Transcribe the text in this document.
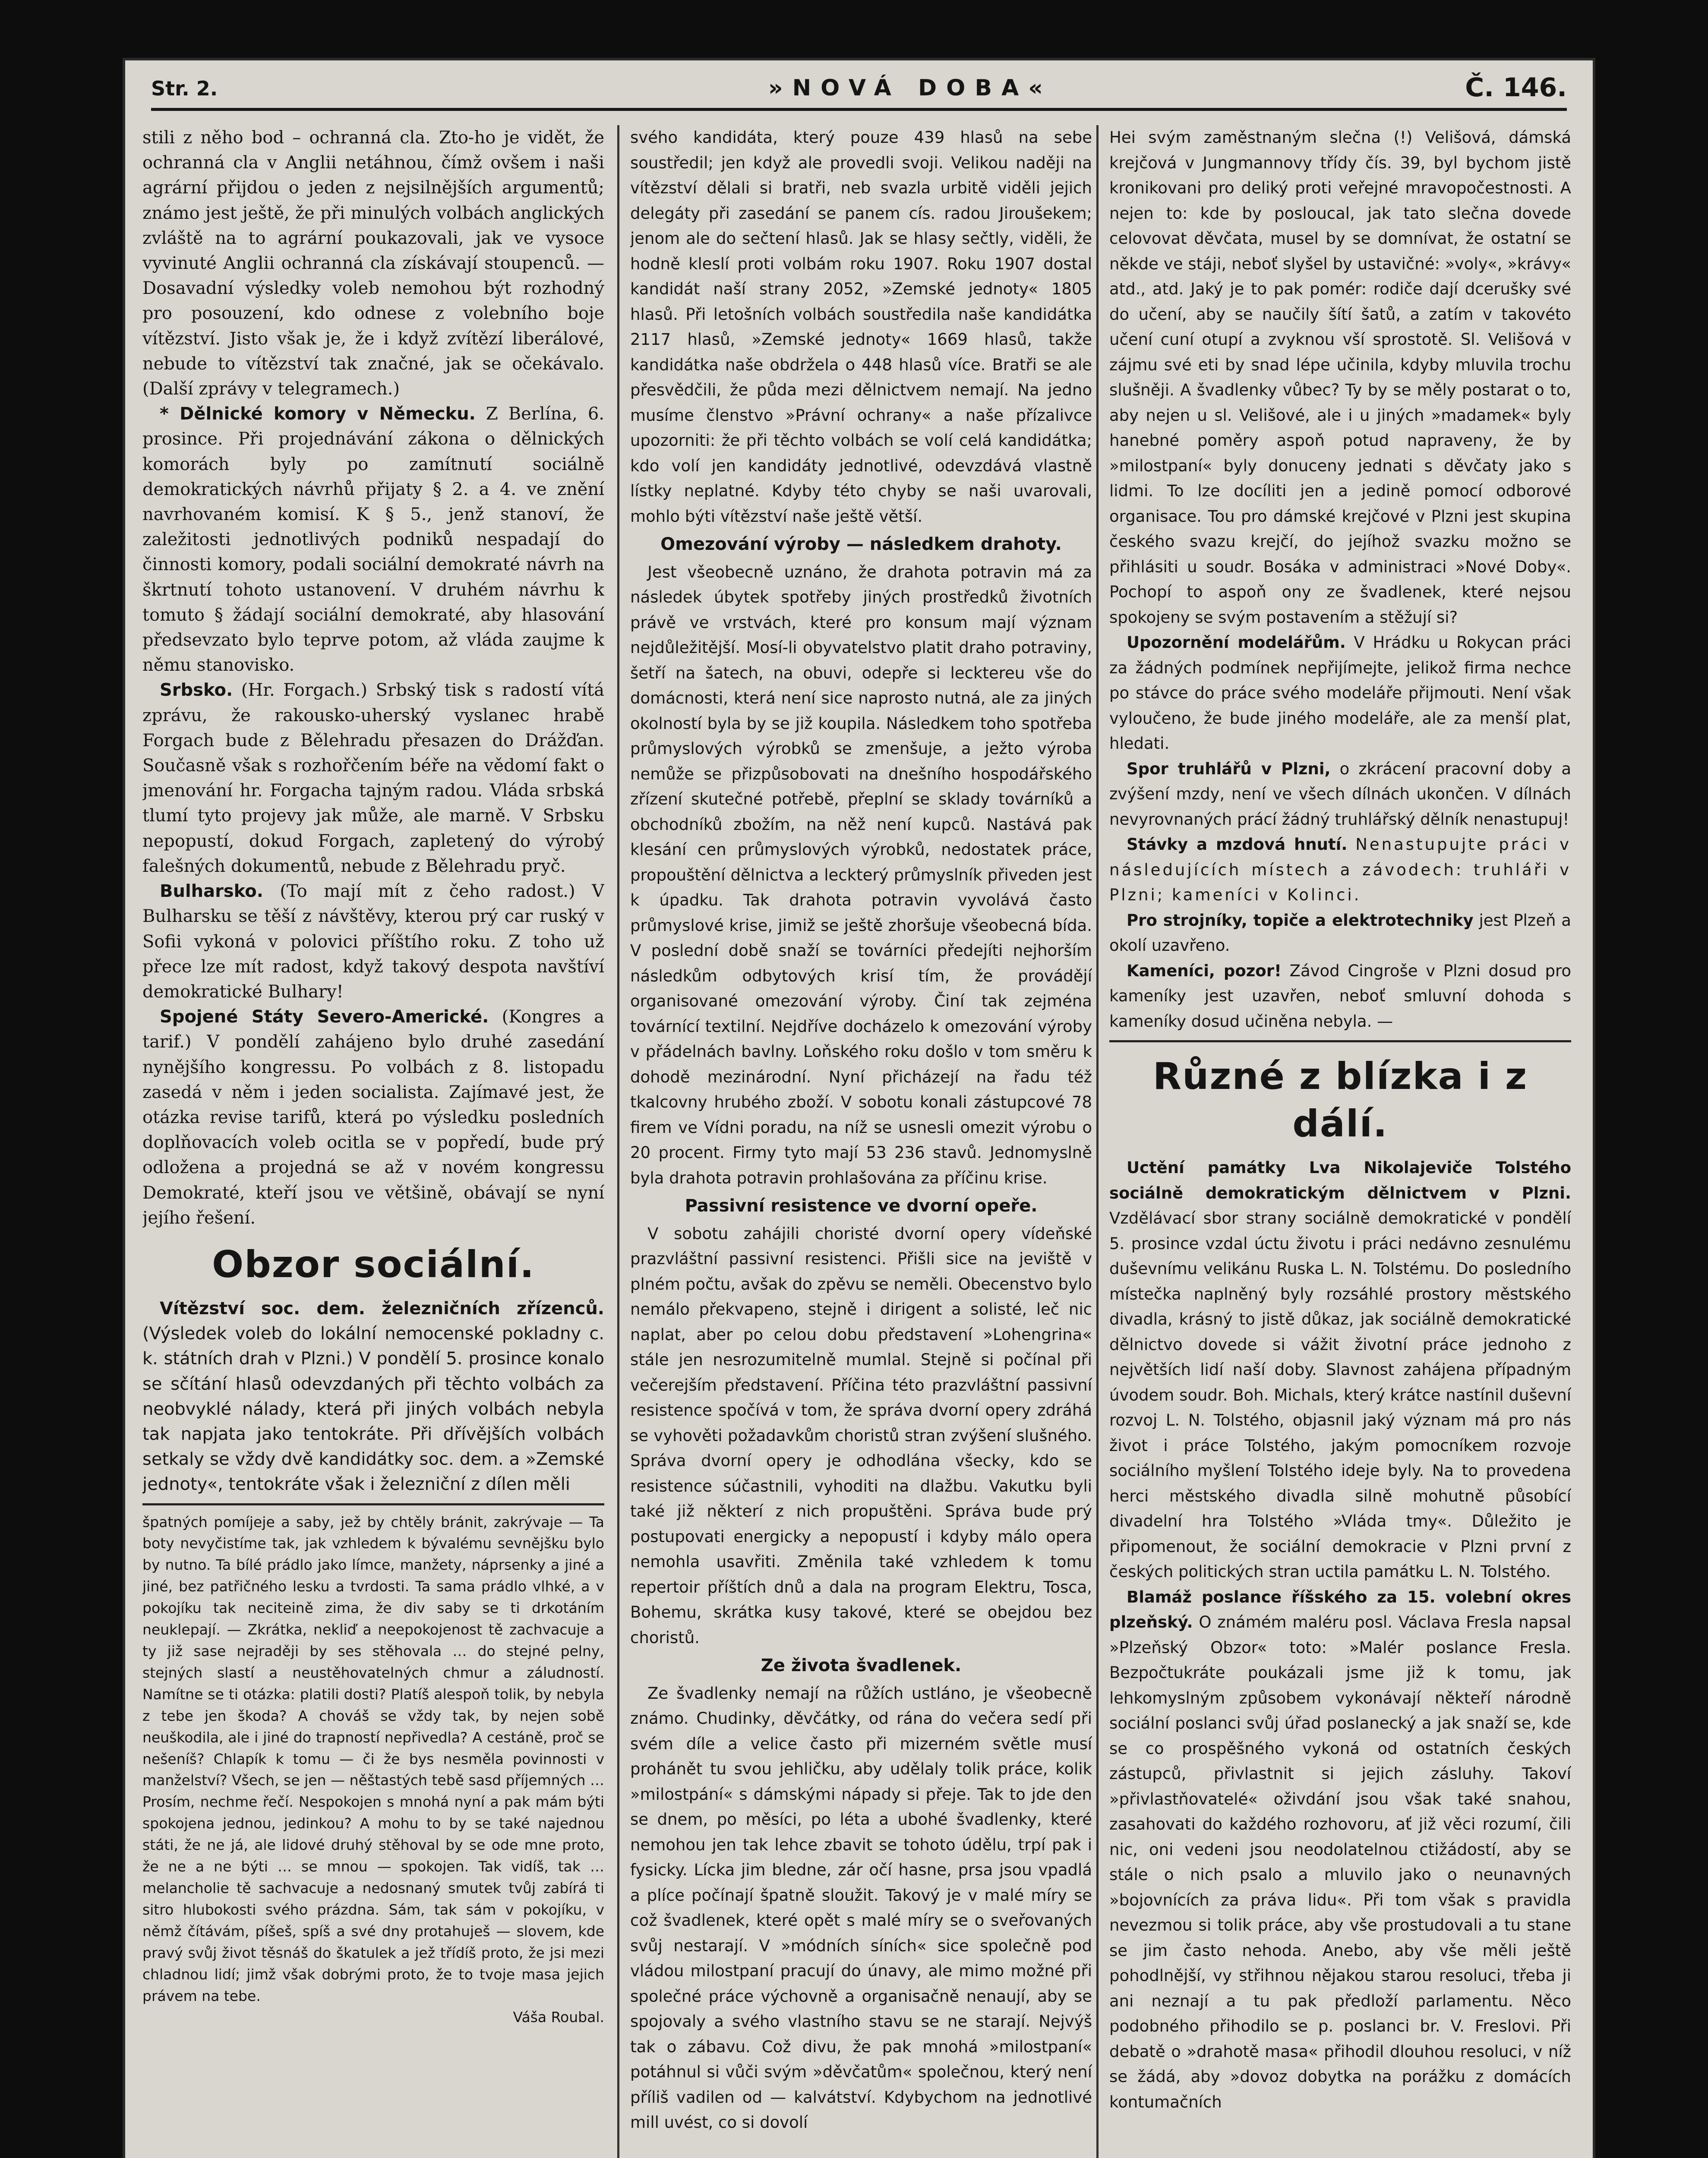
Str. 2.	»NOVÁ DOBA«	Č. 146.

stili z něho bod – ochranná cla. Zto-ho je vidět, že ochranná cla v Anglii netáhnou, čímž ovšem i naši agrární přijdou o jeden z nejsilnějších argumentů; známo jest ještě, že při minulých volbách anglických zvláště na to agrární poukazovali, jak ve vysoce vyvinuté Anglii ochranná cla získávají stoupenců. — Dosavadní výsledky voleb nemohou být rozhodný pro posouzení, kdo odnese z volebního boje vítězství. Jisto však je, že i když zvítězí liberálové, nebude to vítězství tak značné, jak se očekávalo. (Další zprávy v telegramech.)

* Dělnické komory v Německu. Z Berlína, 6. prosince. Při projednávání zákona o dělnických komorách byly po zamítnutí sociálně demokratických návrhů přijaty § 2. a 4. ve znění navrhovaném komisí. K § 5., jenž stanoví, že zaležitosti jednotlivých podniků nespadají do činnosti komory, podali sociální demokraté návrh na škrtnutí tohoto ustanovení. V druhém návrhu k tomuto § žádají sociální demokraté, aby hlasování předsevzato bylo teprve potom, až vláda zaujme k němu stanovisko.

Srbsko. (Hr. Forgach.) Srbský tisk s radostí vítá zprávu, že rakousko-uherský vyslanec hrabě Forgach bude z Bělehradu přesazen do Drážďan. Současně však s rozhořčením béře na vědomí fakt o jmenování hr. Forgacha tajným radou. Vláda srbská tlumí tyto projevy jak může, ale marně. V Srbsku nepopustí, dokud Forgach, zapletený do výrobý falešných dokumentů, nebude z Bělehradu pryč.

Bulharsko. (To mají mít z čeho radost.) V Bulharsku se těší z návštěvy, kterou prý car ruský v Sofii vykoná v polovici příštího roku. Z toho už přece lze mít radost, když takový despota navštíví demokratické Bulhary!

Spojené Státy Severo-Americké. (Kongres a tarif.) V pondělí zahájeno bylo druhé zasedání nynějšího kongressu. Po volbách z 8. listopadu zasedá v něm i jeden socialista. Zajímavé jest, že otázka revise tarifů, která po výsledku posledních doplňovacích voleb ocitla se v popředí, bude prý odložena a projedná se až v novém kongressu Demokraté, kteří jsou ve většině, obávají se nyní jejího řešení.

Obzor sociální.

Vítězství soc. dem. železničních zřízenců. (Výsledek voleb do lokální nemocenské pokladny c. k. státních drah v Plzni.) V pondělí 5. prosince konalo se sčítání hlasů odevzdaných při těchto volbách za neobvyklé nálady, která při jiných volbách nebyla tak napjata jako tentokráte. Při dřívějších volbách setkaly se vždy dvě kandidátky soc. dem. a »Zemské jednoty«, tentokráte však i železniční z dílen měli

špatných pomíjeje a saby, jež by chtěly bránit, zakrývaje — Ta boty nevyčistíme tak, jak vzhledem k bývalému sevnějšku bylo by nutno. Ta bílé prádlo jako límce, manžety, náprsenky a jiné a jiné, bez patřičného lesku a tvrdosti. Ta sama prádlo vlhké, a v pokojíku tak neciteině zima, že div saby se ti drkotáním neuklepají. — Zkrátka, nekliď a neepokojenost tě zachvacuje a ty již sase nejraději by ses stěhovala … do stejné pelny, stejných slastí a neustěhovatelných chmur a záludností. Namítne se ti otázka: platili dosti? Platíš alespoň tolik, by nebyla z tebe jen škoda? A chováš se vždy tak, by nejen sobě neuškodila, ale i jiné do trapností nepřivedla? A cestáně, proč se nešeníš? Chlapík k tomu — či že bys nesměla povinnosti v manželství? Všech, se jen — něštastých tebě sasd příjemných … Prosím, nechme řečí. Nespokojen s mnohá nyní a pak mám býti spokojena jednou, jedinkou? A mohu to by se také najednou státi, že ne já, ale lidové druhý stěhoval by se ode mne proto, že ne a ne býti … se mnou — spokojen. Tak vidíš, tak … melancholie tě sachvacuje a nedosnaný smutek tvůj zabírá ti sitro hlubokosti svého prázdna. Sám, tak sám v pokojíku, v němž čítávám, píšeš, spíš a své dny protahuješ — slovem, kde pravý svůj život těsnáš do škatulek a jež třídíš proto, že jsi mezi chladnou lidí; jimž však dobrými proto, že to tvoje masa jejich právem na tebe.

Váša Roubal.

svého kandidáta, který pouze 439 hlasů na sebe soustředil; jen když ale provedli svoji. Velikou naději na vítězství dělali si bratři, neb svazla urbitě viděli jejich delegáty při zasedání se panem cís. radou Jiroušekem; jenom ale do sečtení hlasů. Jak se hlasy sečtly, viděli, že hodně kleslí proti volbám roku 1907. Roku 1907 dostal kandidát naší strany 2052, »Zemské jednoty« 1805 hlasů. Při letošních volbách soustředila naše kandidátka 2117 hlasů, »Zemské jednoty« 1669 hlasů, takže kandidátka naše obdržela o 448 hlasů více. Bratři se ale přesvědčili, že půda mezi dělnictvem nemají. Na jedno musíme členstvo »Právní ochrany« a naše přízalivce upozorniti: že při těchto volbách se volí celá kandidátka; kdo volí jen kandidáty jednotlivé, odevzdává vlastně lístky neplatné. Kdyby této chyby se naši uvarovali, mohlo býti vítězství naše ještě větší.

Omezování výroby — následkem drahoty.

Jest všeobecně uznáno, že drahota potravin má za následek úbytek spotřeby jiných prostředků životních právě ve vrstvách, které pro konsum mají význam nejdůležitější. Mosí-li obyvatelstvo platit draho potraviny, šetří na šatech, na obuvi, odepře si lecktereu vše do domácnosti, která není sice naprosto nutná, ale za jiných okolností byla by se již koupila. Následkem toho spotřeba průmyslových výrobků se zmenšuje, a ježto výroba nemůže se přizpůsobovati na dnešního hospodářského zřízení skutečné potřebě, přeplní se sklady továrníků a obchodníků zbožím, na něž není kupců. Nastává pak klesání cen průmyslových výrobků, nedostatek práce, propouštění dělnictva a leckterý průmyslník přiveden jest k úpadku. Tak drahota potravin vyvolává často průmyslové krise, jimiž se ještě zhoršuje všeobecná bída. V poslední době snaží se továrníci předejíti nejhorším následkům odbytových krisí tím, že provádějí organisované omezování výroby. Činí tak zejména továrnící textilní. Nejdříve docházelo k omezování výroby v přádelnách bavlny. Loňského roku došlo v tom směru k dohodě mezinárodní. Nyní přicházejí na řadu též tkalcovny hrubého zboží. V sobotu konali zástupcové 78 firem ve Vídni poradu, na níž se usnesli omezit výrobu o 20 procent. Firmy tyto mají 53 236 stavů. Jednomyslně byla drahota potravin prohlašována za příčinu krise.

Passivní resistence ve dvorní opeře.

V sobotu zahájili choristé dvorní opery vídeňské prazvláštní passivní resistenci. Přišli sice na jeviště v plném počtu, avšak do zpěvu se neměli. Obecenstvo bylo nemálo překvapeno, stejně i dirigent a solisté, leč nic naplat, aber po celou dobu představení »Lohengrina« stále jen nesrozumitelně mumlal. Stejně si počínal při večerejším představení. Příčina této prazvláštní passivní resistence spočívá v tom, že správa dvorní opery zdráhá se vyhověti požadavkům choristů stran zvýšení slušného. Správa dvorní opery je odhodlána všecky, kdo se resistence súčastnili, vyhoditi na dlažbu. Vakutku byli také již některí z nich propuštěni. Správa bude prý postupovati energicky a nepopustí i kdyby málo opera nemohla usavřiti. Změnila také vzhledem k tomu repertoir příštích dnů a dala na program Elektru, Tosca, Bohemu, skrátka kusy takové, které se obejdou bez choristů.

Ze života švadlenek.

Ze švadlenky nemají na růžích ustláno, je všeobecně známo. Chudinky, děvčátky, od rána do večera sedí při svém díle a velice často při mizerném světle musí prohánět tu svou jehličku, aby udělaly tolik práce, kolik »milostpání« s dámskými nápady si přeje. Tak to jde den se dnem, po měsíci, po léta a ubohé švadlenky, které nemohou jen tak lehce zbavit se tohoto údělu, trpí pak i fysicky. Lícka jim bledne, zár očí hasne, prsa jsou vpadlá a plíce počínají špatně sloužit. Takový je v malé míry se což švadlenek, které opět s malé míry se o sveřovaných svůj nestarají. V »módních síních« sice společně pod vládou milostpaní pracují do únavy, ale mimo možné při společné práce výchovně a organisačně nenaují, aby se spojovaly a svého vlastního stavu se ne starají. Nejvýš tak o zábavu. Což divu, že pak mnohá »milostpaní« potáhnul si vůči svým »děvčatům« společnou, který není příliš vadilen od — kalvátství. Kdybychom na jednotlivé mill uvést, co si dovolí

Hei svým zaměstnaným slečna (!) Velišová, dámská krejčová v Jungmannovy třídy čís. 39, byl bychom jistě kronikovani pro deliký proti veřejné mravopočestnosti. A nejen to: kde by posloucal, jak tato slečna dovede celovovat děvčata, musel by se domnívat, že ostatní se někde ve stáji, neboť slyšel by ustavičné: »voly«, »krávy« atd., atd. Jaký je to pak pomér: rodiče dají dcerušky své do učení, aby se naučily šítí šatů, a zatím v takovéto učení cuní otupí a zvyknou vší sprostotě. Sl. Velišová v zájmu své eti by snad lépe učinila, kdyby mluvila trochu slušněji. A švadlenky vůbec? Ty by se měly postarat o to, aby nejen u sl. Velišové, ale i u jiných »madamek« byly hanebné poměry aspoň potud napraveny, že by »milostpaní« byly donuceny jednati s děvčaty jako s lidmi. To lze docíliti jen a jedině pomocí odborové organisace. Tou pro dámské krejčové v Plzni jest skupina českého svazu krejčí, do jejíhož svazku možno se přihlásiti u soudr. Bosáka v administraci »Nové Doby«. Pochopí to aspoň ony ze švadlenek, které nejsou spokojeny se svým postavením a stěžují si?

Upozornění modelářům. V Hrádku u Rokycan práci za žádných podmínek nepřijímejte, jelikož firma nechce po stávce do práce svého modeláře přijmouti. Není však vyloučeno, že bude jiného modeláře, ale za menší plat, hledati.

Spor truhlářů v Plzni, o zkrácení pracovní doby a zvýšení mzdy, není ve všech dílnách ukončen. V dílnách nevyrovnaných prácí žádný truhlářský dělník nenastupuj!

Stávky a mzdová hnutí. Nenastupujte práci v následujících místech a závodech: truhláři v Plzni; kameníci v Kolinci.

Pro strojníky, topiče a elektrotechniky jest Plzeň a okolí uzavřeno.

Kameníci, pozor! Závod Cingroše v Plzni dosud pro kameníky jest uzavřen, neboť smluvní dohoda s kameníky dosud učiněna nebyla. —

Různé z blízka i z dálí.

Uctění památky Lva Nikolajeviče Tolstého sociálně demokratickým dělnictvem v Plzni. Vzdělávací sbor strany sociálně demokratické v pondělí 5. prosince vzdal úctu životu i práci nedávno zesnulému duševnímu velikánu Ruska L. N. Tolstému. Do posledního místečka naplněný byly rozsáhlé prostory městského divadla, krásný to jistě důkaz, jak sociálně demokratické dělnictvo dovede si vážit životní práce jednoho z největších lidí naší doby. Slavnost zahájena případným úvodem soudr. Boh. Michals, který krátce nastínil duševní rozvoj L. N. Tolstého, objasnil jaký význam má pro nás život i práce Tolstého, jakým pomocníkem rozvoje sociálního myšlení Tolstého ideje byly. Na to provedena herci městského divadla silně mohutně působící divadelní hra Tolstého »Vláda tmy«. Důležito je připomenout, že sociální demokracie v Plzni první z českých politických stran uctila památku L. N. Tolstého.

Blamáž poslance říšského za 15. volební okres plzeňský. O známém maléru posl. Václava Fresla napsal »Plzeňský Obzor« toto: »Malér poslance Fresla. Bezpočtukráte poukázali jsme již k tomu, jak lehkomyslným způsobem vykonávají někteří národně sociální poslanci svůj úřad poslanecký a jak snaží se, kde se co prospěšného vykoná od ostatních českých zástupců, přivlastnit si jejich zásluhy. Takoví »přivlastňovatelé« oživdání jsou však také snahou, zasahovati do každého rozhovoru, ať již věci rozumí, čili nic, oni vedeni jsou neodolatelnou ctižádostí, aby se stále o nich psalo a mluvilo jako o neunavných »bojovnících za práva lidu«. Při tom však s pravidla nevezmou si tolik práce, aby vše prostudovali a tu stane se jim často nehoda. Anebo, aby vše měli ještě pohodlnější, vy střihnou nějakou starou resoluci, třeba ji ani neznají a tu pak předloží parlamentu. Něco podobného přihodilo se p. poslanci br. V. Freslovi. Při debatě o »drahotě masa« přihodil dlouhou resoluci, v níž se žádá, aby »dovoz dobytka na porážku z domácích kontumačních
